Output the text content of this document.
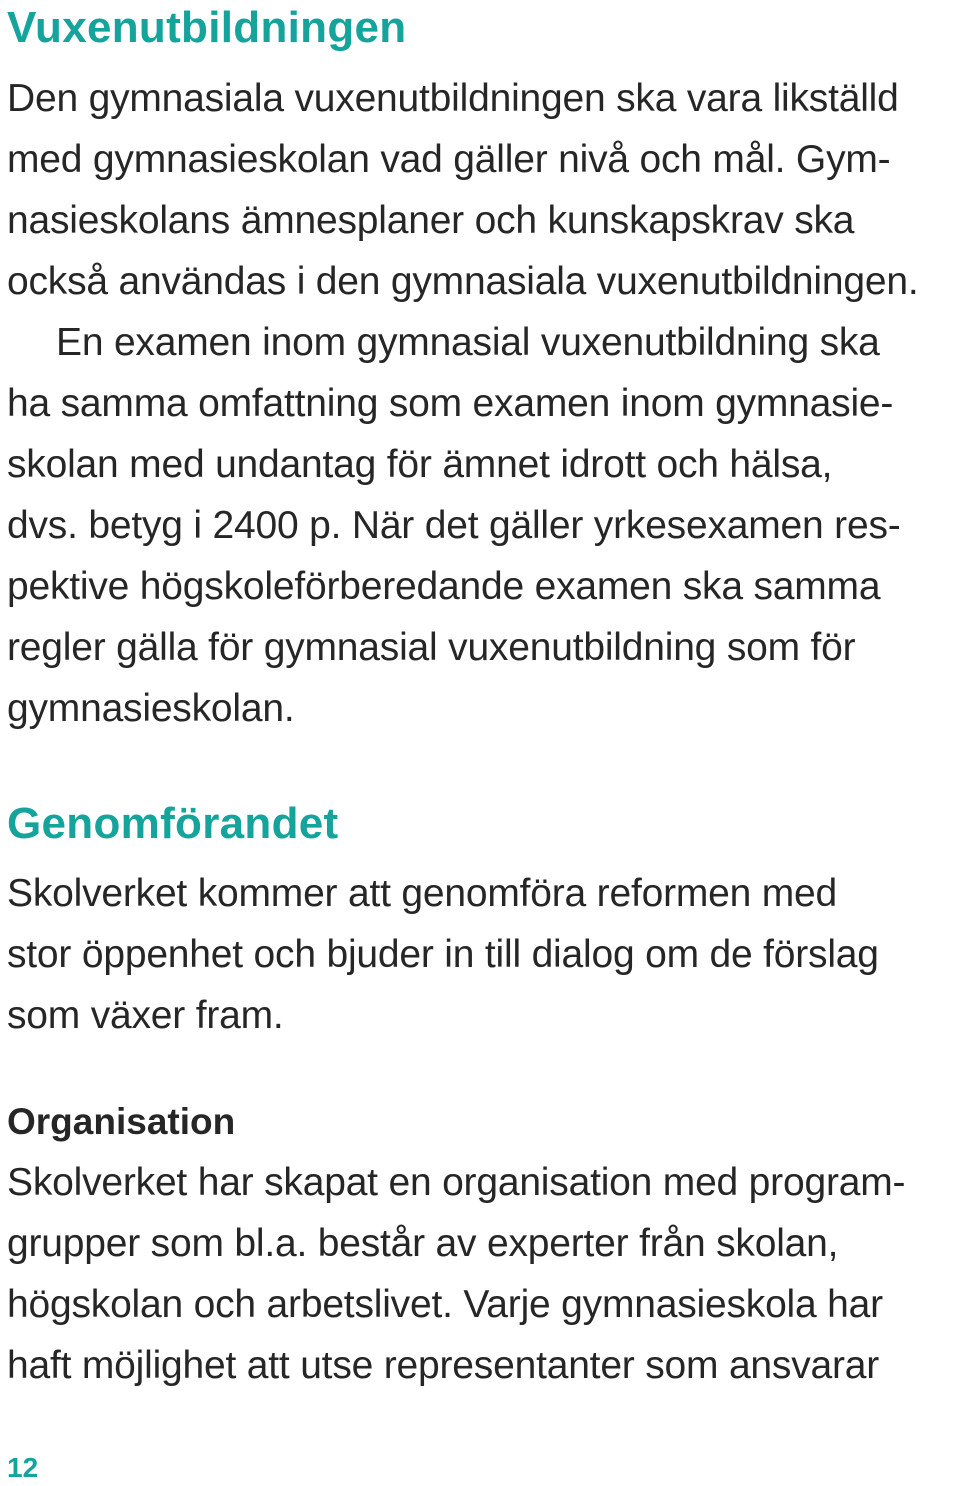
Vuxenutbildningen
Den gymnasiala vuxenutbildningen ska vara likställd
med gymnasieskolan vad gäller nivå och mål. Gym-
nasieskolans ämnesplaner och kunskapskrav ska
också användas i den gymnasiala vuxenutbildningen.
En examen inom gymnasial vuxenutbildning ska
ha samma omfattning som examen inom gymnasie-
skolan med undantag för ämnet idrott och hälsa,
dvs. betyg i 2400 p. När det gäller yrkesexamen res-
pektive högskoleförberedande examen ska samma
regler gälla för gymnasial vuxenutbildning som för
gymnasieskolan.
Genomförandet
Skolverket kommer att genomföra reformen med
stor öppenhet och bjuder in till dialog om de förslag
som växer fram.
Organisation
Skolverket har skapat en organisation med program-
grupper som bl.a. består av experter från skolan,
högskolan och arbetslivet. Varje gymnasieskola har
haft möjlighet att utse representanter som ansvarar
12
